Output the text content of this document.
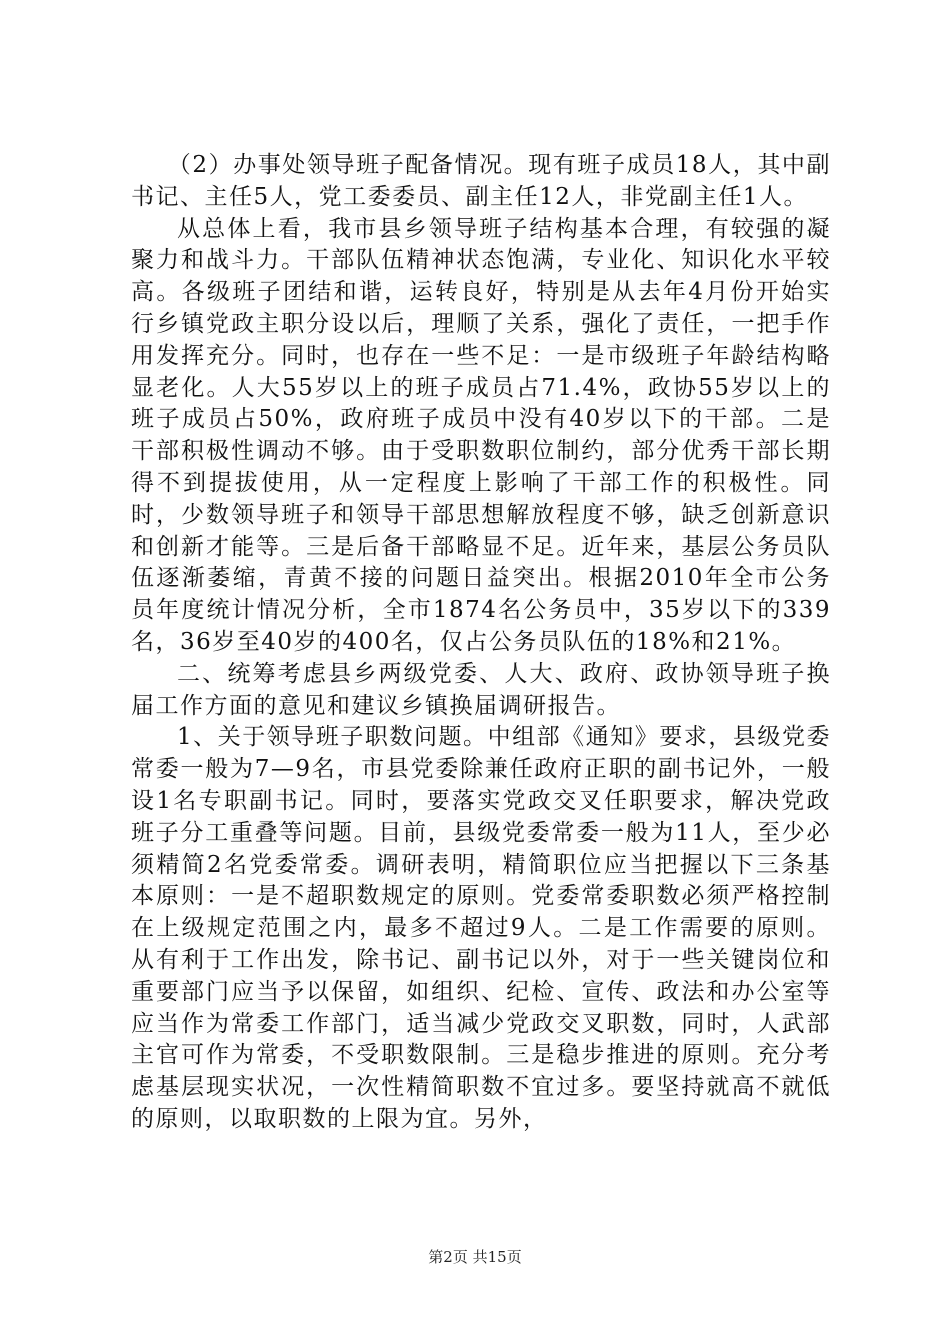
（2）办事处领导班子配备情况。现有班子成员18人，其中副书记、主任5人，党工委委员、副主任12人，非党副主任1人。

从总体上看，我市县乡领导班子结构基本合理，有较强的凝聚力和战斗力。干部队伍精神状态饱满，专业化、知识化水平较高。各级班子团结和谐，运转良好，特别是从去年4月份开始实行乡镇党政主职分设以后，理顺了关系，强化了责任，一把手作用发挥充分。同时，也存在一些不足：一是市级班子年龄结构略显老化。人大55岁以上的班子成员占71.4%，政协55岁以上的班子成员占50%，政府班子成员中没有40岁以下的干部。二是干部积极性调动不够。由于受职数职位制约，部分优秀干部长期得不到提拔使用，从一定程度上影响了干部工作的积极性。同时，少数领导班子和领导干部思想解放程度不够，缺乏创新意识和创新才能等。三是后备干部略显不足。近年来，基层公务员队伍逐渐萎缩，青黄不接的问题日益突出。根据2010年全市公务员年度统计情况分析，全市1874名公务员中，35岁以下的339名，36岁至40岁的400名，仅占公务员队伍的18%和21%。

二、统筹考虑县乡两级党委、人大、政府、政协领导班子换届工作方面的意见和建议乡镇换届调研报告。

1、关于领导班子职数问题。中组部《通知》要求，县级党委常委一般为7—9名，市县党委除兼任政府正职的副书记外，一般设1名专职副书记。同时，要落实党政交叉任职要求，解决党政班子分工重叠等问题。目前，县级党委常委一般为11人，至少必须精简2名党委常委。调研表明，精简职位应当把握以下三条基本原则：一是不超职数规定的原则。党委常委职数必须严格控制在上级规定范围之内，最多不超过9人。二是工作需要的原则。从有利于工作出发，除书记、副书记以外，对于一些关键岗位和重要部门应当予以保留，如组织、纪检、宣传、政法和办公室等应当作为常委工作部门，适当减少党政交叉职数，同时，人武部主官可作为常委，不受职数限制。三是稳步推进的原则。充分考虑基层现实状况，一次性精简职数不宜过多。要坚持就高不就低的原则，以取职数的上限为宜。另外，

第2页 共15页
